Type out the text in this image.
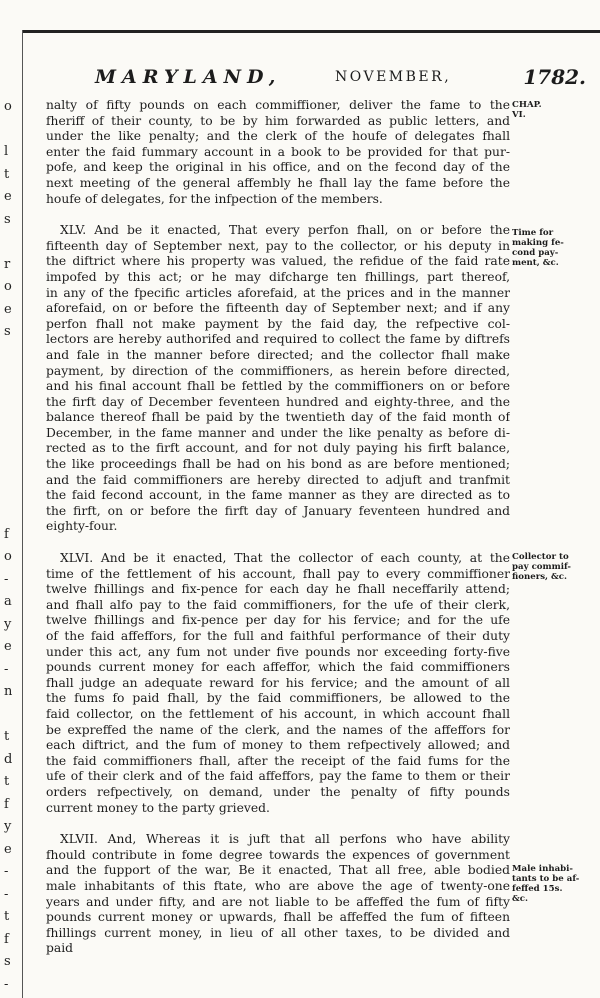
o
l
t
e
s
r
o
e
s
f
o
-
a
y
e
-
n
t
d
t
f
y
e
-
-
t
f
s
-
MARYLAND,	NOVEMBER,	1782.
nalty of fifty pounds on each commiffioner, deliver the fame to the
fheriff of their county, to be by him forwarded as public letters, and
under the like penalty; and the clerk of the houfe of delegates fhall
enter the faid fummary account in a book to be provided for that pur-
pofe, and keep the original in his office, and on the fecond day of the
next meeting of the general affembly he fhall lay the fame before the
houfe of delegates, for the infpection of the members.
XLV. And be it enacted, That every perfon fhall, on or before the
fifteenth day of September next, pay to the collector, or his deputy in
the diftrict where his property was valued, the refidue of the faid rate
impofed by this act; or he may difcharge ten fhillings, part thereof,
in any of the fpecific articles aforefaid, at the prices and in the manner
aforefaid, on or before the fifteenth day of September next; and if any
perfon fhall not make payment by the faid day, the refpective col-
lectors are hereby authorifed and required to collect the fame by diftrefs
and fale in the manner before directed; and the collector fhall make
payment, by direction of the commiffioners, as herein before directed,
and his final account fhall be fettled by the commiffioners on or before
the firft day of December feventeen hundred and eighty-three, and the
balance thereof fhall be paid by the twentieth day of the faid month of
December, in the fame manner and under the like penalty as before di-
rected as to the firft account, and for not duly paying his firft balance,
the like proceedings fhall be had on his bond as are before mentioned;
and the faid commiffioners are hereby directed to adjuft and tranfmit
the faid fecond account, in the fame manner as they are directed as to
the firft, on or before the firft day of January feventeen hundred and
eighty-four.
XLVI. And be it enacted, That the collector of each county, at the
time of the fettlement of his account, fhall pay to every commiffioner
twelve fhillings and fix-pence for each day he fhall neceffarily attend;
and fhall alfo pay to the faid commiffioners, for the ufe of their clerk,
twelve fhillings and fix-pence per day for his fervice; and for the ufe
of the faid affeffors, for the full and faithful performance of their duty
under this act, any fum not under five pounds nor exceeding forty-five
pounds current money for each affeffor, which the faid commiffioners
fhall judge an adequate reward for his fervice; and the amount of all
the fums fo paid fhall, by the faid commiffioners, be allowed to the
faid collector, on the fettlement of his account, in which account fhall
be expreffed the name of the clerk, and the names of the affeffors for
each diftrict, and the fum of money to them refpectively allowed; and
the faid commiffioners fhall, after the receipt of the faid fums for the
ufe of their clerk and of the faid affeffors, pay the fame to them or their
orders refpectively, on demand, under the penalty of fifty pounds
current money to the party grieved.
XLVII. And, Whereas it is juft that all perfons who have ability
fhould contribute in fome degree towards the expences of government
and the fupport of the war, Be it enacted, That all free, able bodied
male inhabitants of this ftate, who are above the age of twenty-one
years and under fifty, and are not liable to be affeffed the fum of fifty
pounds current money or upwards, fhall be affeffed the fum of fifteen
fhillings current money, in lieu of all other taxes, to be divided and
paid
CHAP.
VI.
Time for
making fe-
cond pay-
ment, &c.
Collector to
pay commif-
fioners, &c.
Male inhabi-
tants to be af-
feffed 15s.
&c.
